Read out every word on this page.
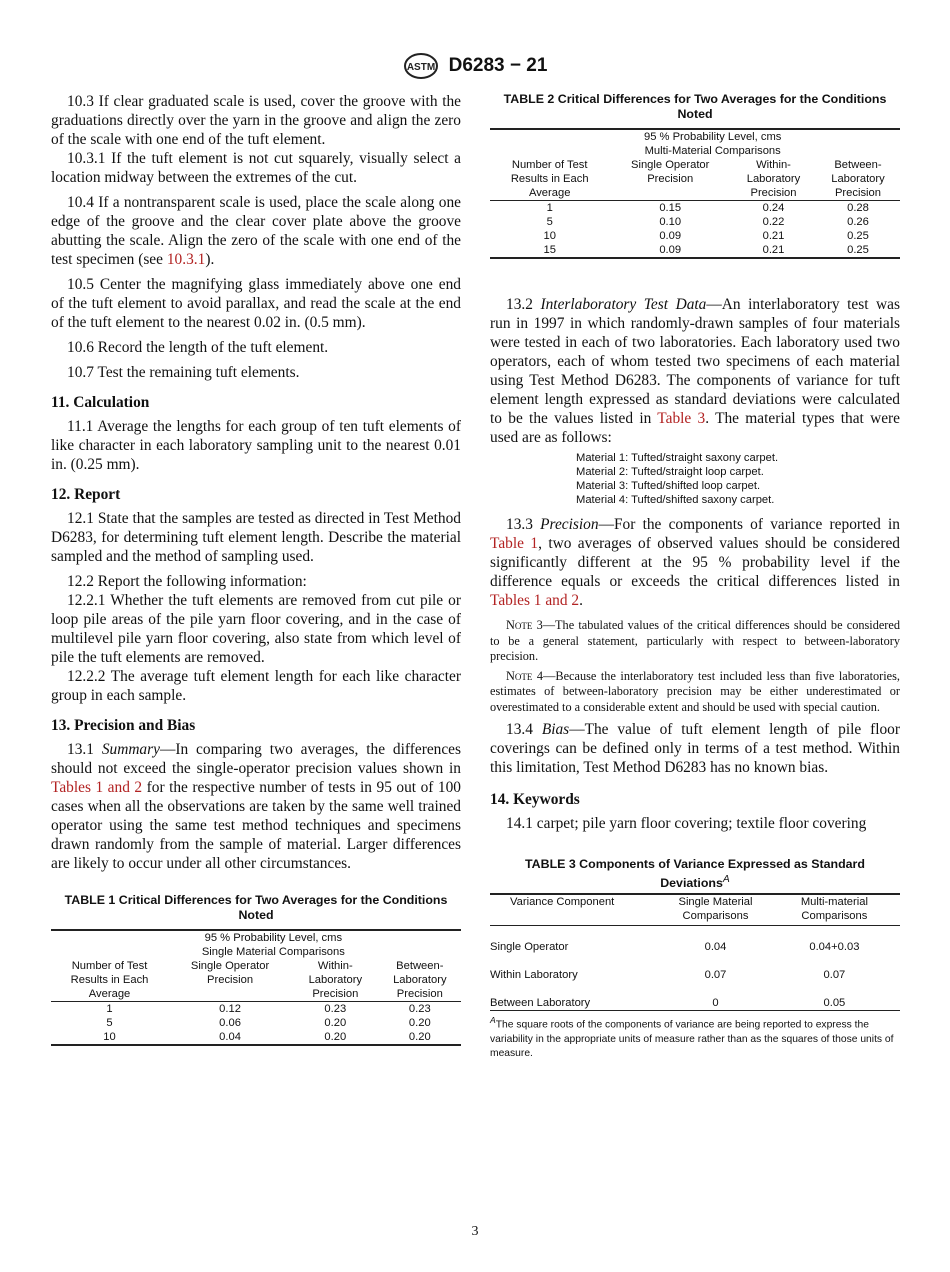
ASTM D6283 − 21

10.3 If clear graduated scale is used, cover the groove with the graduations directly over the yarn in the groove and align the zero of the scale with one end of the tuft element.

10.3.1 If the tuft element is not cut squarely, visually select a location midway between the extremes of the cut.

10.4 If a nontransparent scale is used, place the scale along one edge of the groove and the clear cover plate above the groove abutting the scale. Align the zero of the scale with one end of the test specimen (see 10.3.1).

10.5 Center the magnifying glass immediately above one end of the tuft element to avoid parallax, and read the scale at the end of the tuft element to the nearest 0.02 in. (0.5 mm).

10.6 Record the length of the tuft element.

10.7 Test the remaining tuft elements.

11. Calculation

11.1 Average the lengths for each group of ten tuft elements of like character in each laboratory sampling unit to the nearest 0.01 in. (0.25 mm).

12. Report

12.1 State that the samples are tested as directed in Test Method D6283, for determining tuft element length. Describe the material sampled and the method of sampling used.

12.2 Report the following information:

12.2.1 Whether the tuft elements are removed from cut pile or loop pile areas of the pile yarn floor covering, and in the case of multilevel pile yarn floor covering, also state from which level of pile the tuft elements are removed.

12.2.2 The average tuft element length for each like character group in each sample.

13. Precision and Bias

13.1 Summary—In comparing two averages, the differences should not exceed the single-operator precision values shown in Tables 1 and 2 for the respective number of tests in 95 out of 100 cases when all the observations are taken by the same well trained operator using the same test method techniques and specimens drawn randomly from the sample of material. Larger differences are likely to occur under all other circumstances.

TABLE 1 Critical Differences for Two Averages for the Conditions Noted
	95 % Probability Level, cms		
	Single Material Comparisons		
Number of Test	Single Operator	Within-	Between-
Results in Each	Precision	Laboratory	Laboratory
Average		Precision	Precision
1	0.12	0.23	0.23
5	0.06	0.20	0.20
10	0.04	0.20	0.20
TABLE 2 Critical Differences for Two Averages for the Conditions Noted
	95 % Probability Level, cms		
	Multi-Material Comparisons		
Number of Test	Single Operator	Within-	Between-
Results in Each	Precision	Laboratory	Laboratory
Average		Precision	Precision
1	0.15	0.24	0.28
5	0.10	0.22	0.26
10	0.09	0.21	0.25
15	0.09	0.21	0.25

13.2 Interlaboratory Test Data—An interlaboratory test was run in 1997 in which randomly-drawn samples of four materials were tested in each of two laboratories. Each laboratory used two operators, each of whom tested two specimens of each material using Test Method D6283. The components of variance for tuft element length expressed as standard deviations were calculated to be the values listed in Table 3. The material types that were used are as follows:

Material 1: Tufted/straight saxony carpet.
Material 2: Tufted/straight loop carpet.
Material 3: Tufted/shifted loop carpet.
Material 4: Tufted/shifted saxony carpet.

13.3 Precision—For the components of variance reported in Table 1, two averages of observed values should be considered significantly different at the 95 % probability level if the difference equals or exceeds the critical differences listed in Tables 1 and 2.

Note 3—The tabulated values of the critical differences should be considered to be a general statement, particularly with respect to between-laboratory precision.

Note 4—Because the interlaboratory test included less than five laboratories, estimates of between-laboratory precision may be either underestimated or overestimated to a considerable extent and should be used with special caution.

13.4 Bias—The value of tuft element length of pile floor coverings can be defined only in terms of a test method. Within this limitation, Test Method D6283 has no known bias.

14. Keywords

14.1 carpet; pile yarn floor covering; textile floor covering

TABLE 3 Components of Variance Expressed as Standard Deviations$^A$
Variance Component	Single Material	Multi-material
	Comparisons	Comparisons
Single Operator	0.04	0.04+0.03
Within Laboratory	0.07	0.07
Between Laboratory	0	0.05
$^A$The square roots of the components of variance are being reported to express the variability in the appropriate units of measure rather than as the squares of those units of measure.
3
